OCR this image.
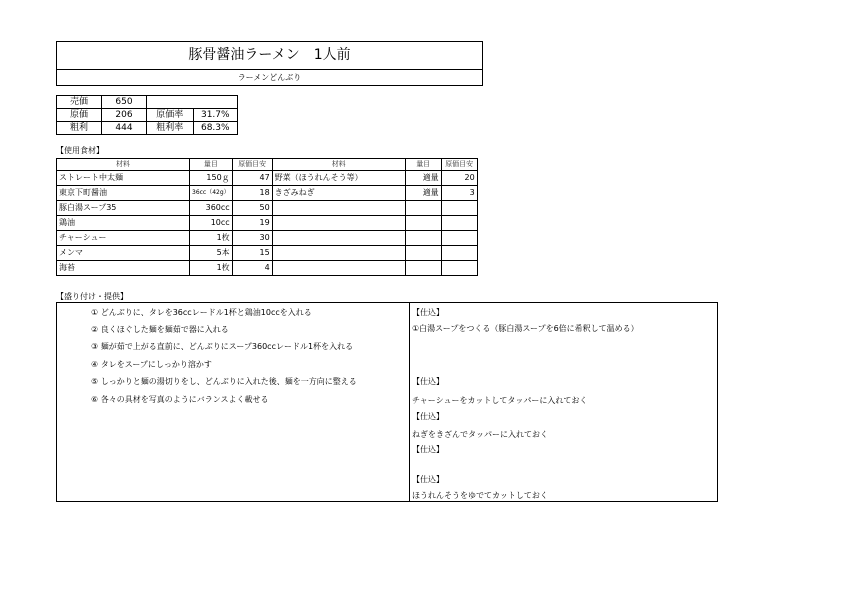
豚骨醤油ラーメン　1人前
ラーメンどんぶり
売価	650		
原価	206	原価率	31.7%
粗利	444	粗利率	68.3%
【使用食材】
材料	量目	原価目安	材料	量目	原価目安
ストレート中太麺	150ｇ	47	野菜（ほうれんそう等）	適量	20
東京下町醤油	36cc（42g）	18	きざみねぎ	適量	3
豚白湯スープ35	360cc	50			
鶏油	10cc	19			
チャーシュー	1枚	30			
メンマ	5本	15			
海苔	1枚	4			
【盛り付け・提供】
① どんぶりに、タレを36ccレードル1杯と鶏油10ccを入れる
② 良くほぐした麺を麺茹で器に入れる
③ 麺が茹で上がる直前に、どんぶりにスープ360ccレードル1杯を入れる
④ タレをスープにしっかり溶かす
⑤ しっかりと麺の湯切りをし、どんぶりに入れた後、麺を一方向に整える
⑥ 各々の具材を写真のようにバランスよく載せる
【仕込】
①白湯スープをつくる（豚白湯スープを6倍に希釈して温める）
【仕込】
チャーシューをカットしてタッパーに入れておく
【仕込】
ねぎをきざんでタッパーに入れておく
【仕込】
【仕込】
ほうれんそうをゆでてカットしておく
